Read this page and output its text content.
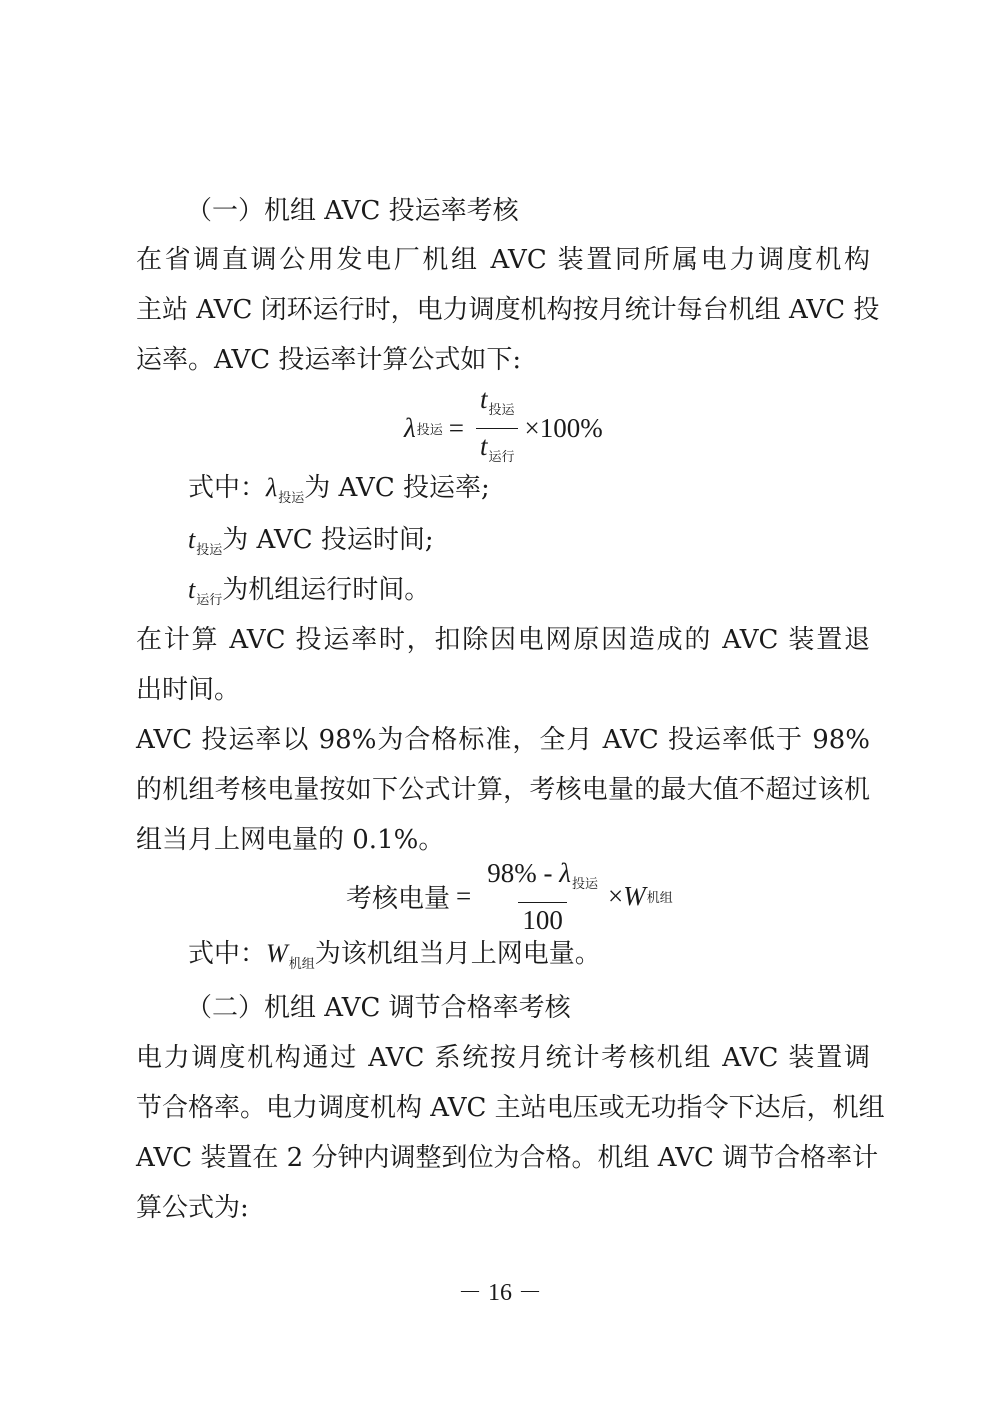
（一）机组 AVC 投运率考核
在省调直调公用发电厂机组 AVC 装置同所属电力调度机构
主站 AVC 闭环运行时，电力调度机构按月统计每台机组 AVC 投
运率。AVC 投运率计算公式如下:
λ 投运 = $\frac{t_{投运}}{t_{运行}} \times 100\%$
式中：$\lambda_{投运}$为 AVC 投运率;
$t_{投运}$为 AVC 投运时间;
$t_{运行}$为机组运行时间。
在计算 AVC 投运率时，扣除因电网原因造成的 AVC 装置退
出时间。
AVC 投运率以 98%为合格标准，全月 AVC 投运率低于 98%
的机组考核电量按如下公式计算，考核电量的最大值不超过该机
组当月上网电量的 0.1%。
考核电量 = $\frac{98\% - \lambda_{投运}}{100} \times W$ 机组
式中：$W_{机组}$为该机组当月上网电量。
（二）机组 AVC 调节合格率考核
电力调度机构通过 AVC 系统按月统计考核机组 AVC 装置调
节合格率。电力调度机构 AVC 主站电压或无功指令下达后，机组
AVC 装置在 2 分钟内调整到位为合格。机组 AVC 调节合格率计
算公式为:
－ 16 －
